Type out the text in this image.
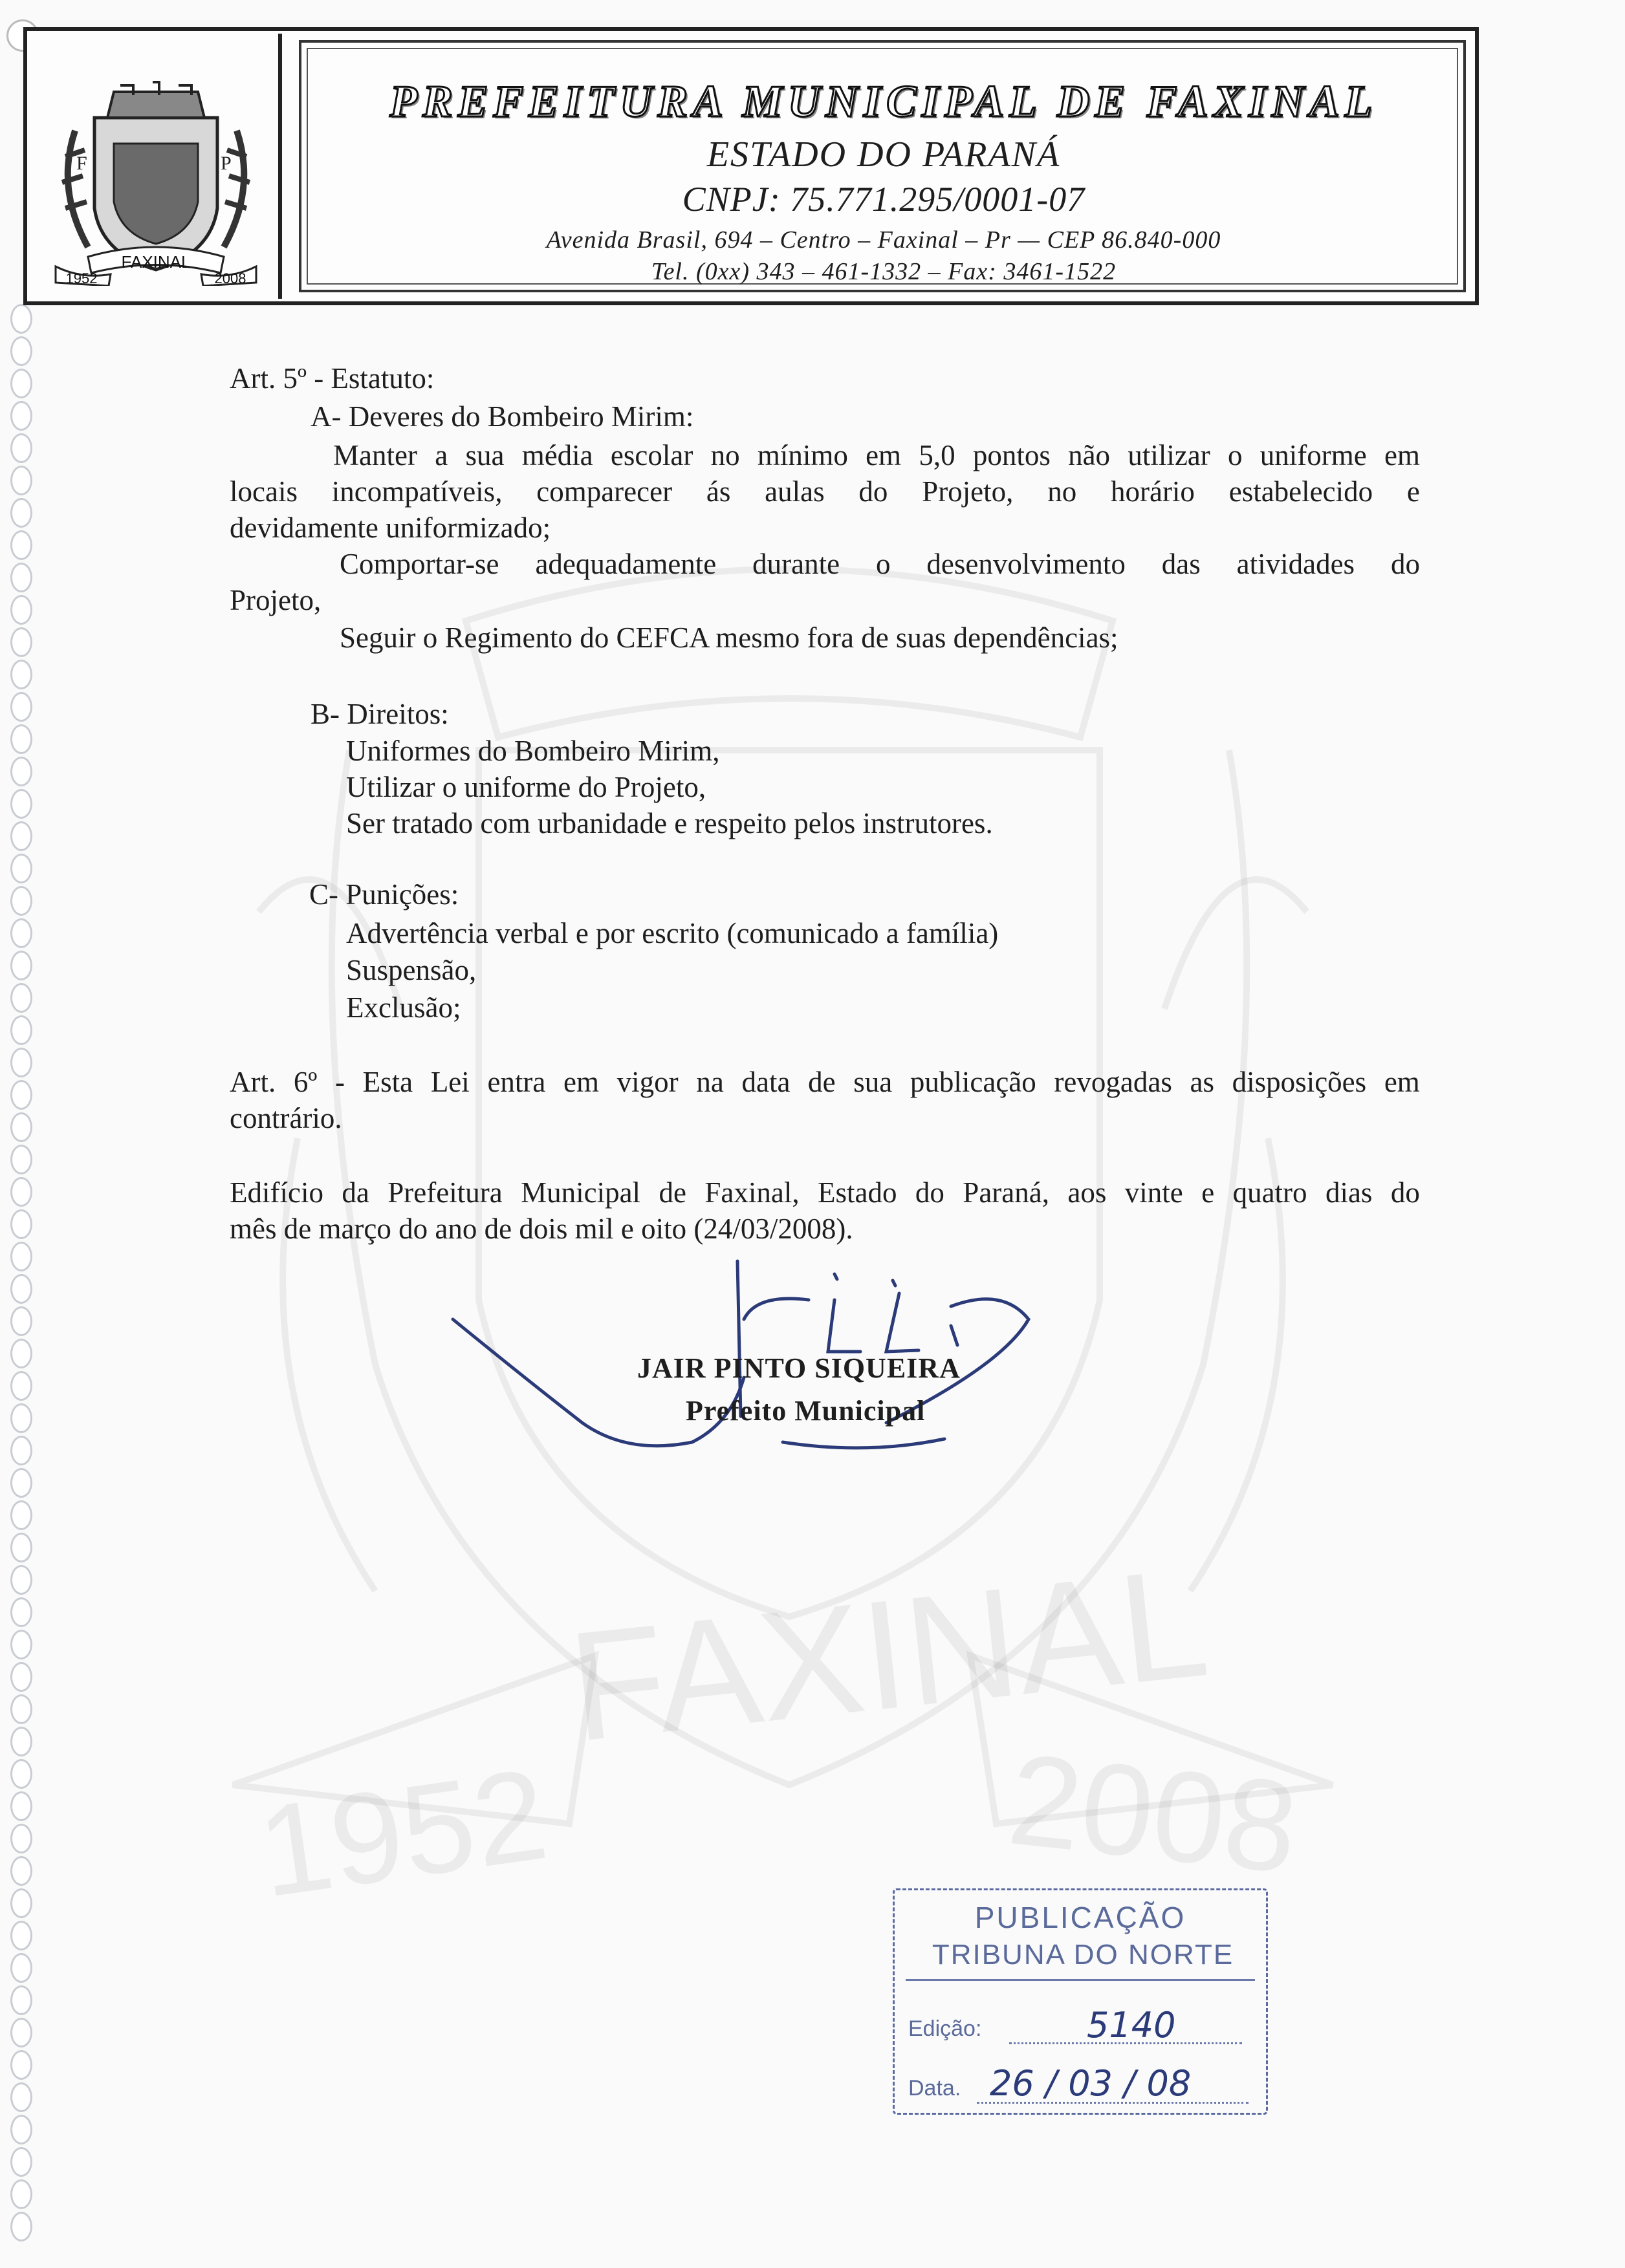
FAXINAL
1952	2008
F	P
FAXINAL
1952	2008
PREFEITURA MUNICIPAL DE FAXINAL
ESTADO DO PARANÁ
CNPJ: 75.771.295/0001-07
Avenida Brasil, 694 – Centro – Faxinal – Pr — CEP 86.840-000
Tel. (0xx) 343 – 461-1332 – Fax: 3461-1522
Art. 5º - Estatuto:
A- Deveres do Bombeiro Mirim:
Manter a sua média escolar no mínimo em 5,0 pontos não utilizar o uniforme em
locais incompatíveis, comparecer ás aulas do Projeto, no horário estabelecido e
devidamente uniformizado;
Comportar-se adequadamente durante o desenvolvimento das atividades do
Projeto,
Seguir o Regimento do CEFCA mesmo fora de suas dependências;
B- Direitos:
Uniformes do Bombeiro Mirim,
Utilizar o uniforme do Projeto,
Ser tratado com urbanidade e respeito pelos instrutores.
C- Punições:
Advertência verbal e por escrito (comunicado a família)
Suspensão,
Exclusão;
Art. 6º - Esta Lei entra em vigor na data de sua publicação revogadas as disposições em
contrário.
Edifício da Prefeitura Municipal de Faxinal, Estado do Paraná, aos vinte e quatro dias do
mês de março do ano de dois mil e oito (24/03/2008).
JAIR PINTO SIQUEIRA
Prefeito Municipal
PUBLICAÇÃO
TRIBUNA DO NORTE
Edição:	5140
Data. 26 / 03 / 08
